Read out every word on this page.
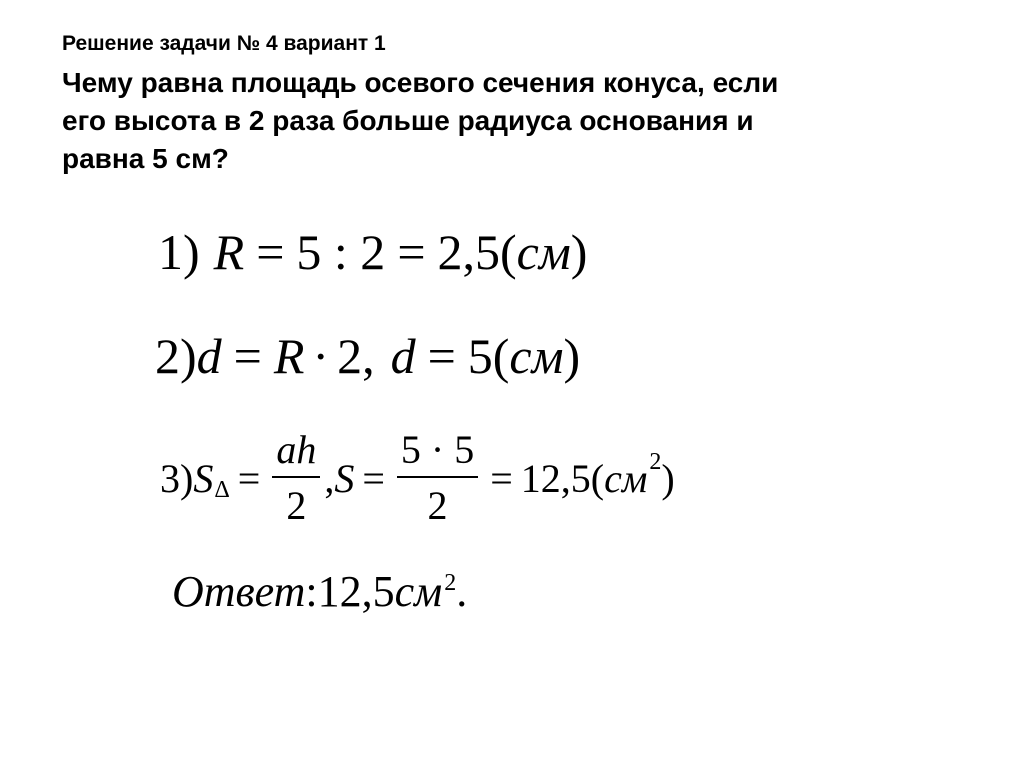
Решение задачи № 4 вариант 1
Чему равна площадь осевого сечения конуса, если
его высота в 2 раза больше радиуса основания и
равна 5 см?
1) R = 5 : 2 = 2,5 ( см )
2) d = R · 2, d = 5 ( см )
3) S $\Delta = \frac{ah}{2}$ , $S = \frac{5 \cdot 5}{2} = 12,5$ ( см 2 )
$Ответ:12,5см^2$.
